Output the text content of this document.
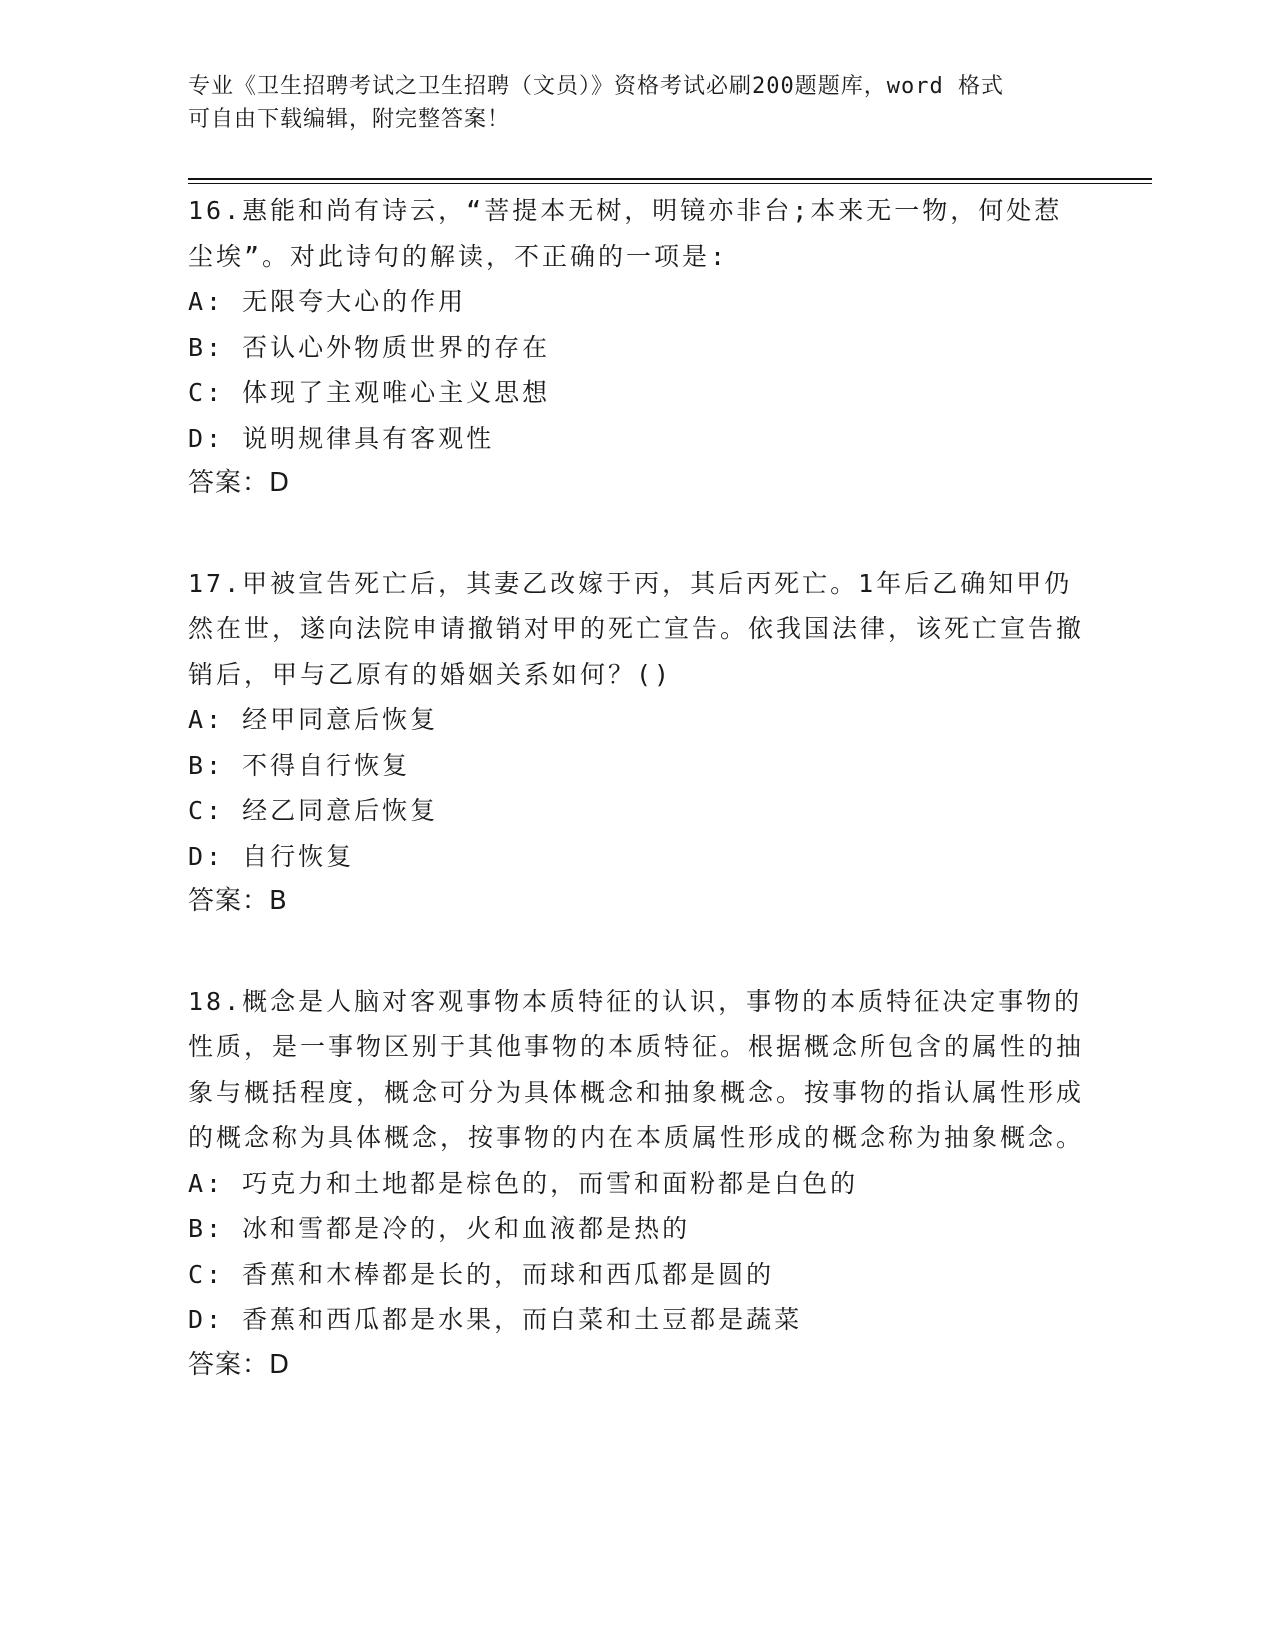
专业《卫生招聘考试之卫生招聘（文员）》资格考试必刷200题题库，word 格式
可自由下载编辑，附完整答案！
16.惠能和尚有诗云，“菩提本无树，明镜亦非台;本来无一物，何处惹尘埃”。对此诗句的解读，不正确的一项是:
A: 无限夸大心的作用
B: 否认心外物质世界的存在
C: 体现了主观唯心主义思想
D: 说明规律具有客观性
答案：D
17.甲被宣告死亡后，其妻乙改嫁于丙，其后丙死亡。1年后乙确知甲仍然在世，遂向法院申请撤销对甲的死亡宣告。依我国法律，该死亡宣告撤销后，甲与乙原有的婚姻关系如何？()
A: 经甲同意后恢复
B: 不得自行恢复
C: 经乙同意后恢复
D: 自行恢复
答案：B
18.概念是人脑对客观事物本质特征的认识，事物的本质特征决定事物的性质，是一事物区别于其他事物的本质特征。根据概念所包含的属性的抽象与概括程度，概念可分为具体概念和抽象概念。按事物的指认属性形成的概念称为具体概念，按事物的内在本质属性形成的概念称为抽象概念。
A: 巧克力和土地都是棕色的，而雪和面粉都是白色的
B: 冰和雪都是冷的，火和血液都是热的
C: 香蕉和木棒都是长的，而球和西瓜都是圆的
D: 香蕉和西瓜都是水果，而白菜和土豆都是蔬菜
答案：D
